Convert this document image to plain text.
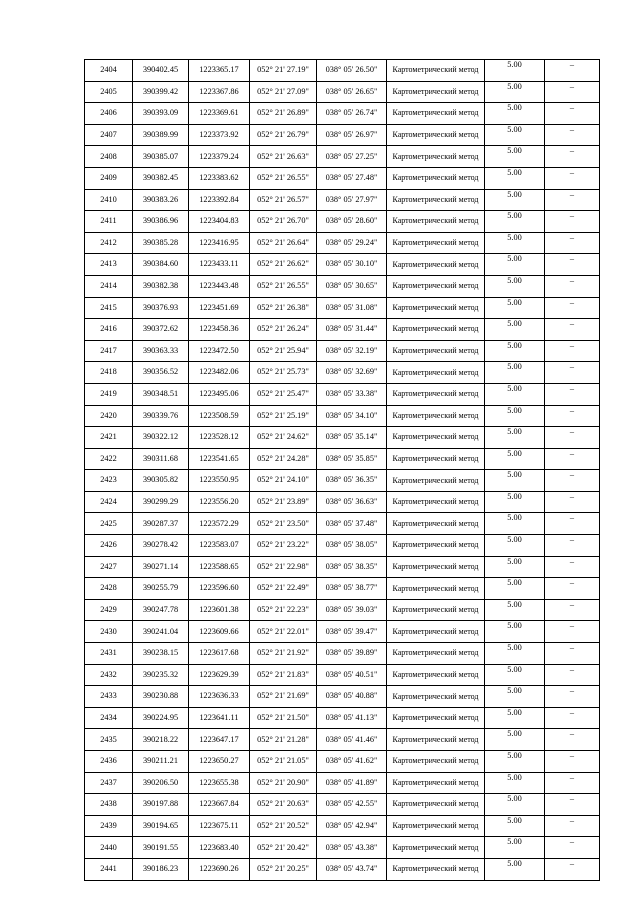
2404	390402.45	1223365.17	052° 21' 27.19"	038° 05' 26.50"	Картометрический метод	5.00	–
2405	390399.42	1223367.86	052° 21' 27.09"	038° 05' 26.65"	Картометрический метод	5.00	–
2406	390393.09	1223369.61	052° 21' 26.89"	038° 05' 26.74"	Картометрический метод	5.00	–
2407	390389.99	1223373.92	052° 21' 26.79"	038° 05' 26.97"	Картометрический метод	5.00	–
2408	390385.07	1223379.24	052° 21' 26.63"	038° 05' 27.25"	Картометрический метод	5.00	–
2409	390382.45	1223383.62	052° 21' 26.55"	038° 05' 27.48"	Картометрический метод	5.00	–
2410	390383.26	1223392.84	052° 21' 26.57"	038° 05' 27.97"	Картометрический метод	5.00	–
2411	390386.96	1223404.83	052° 21' 26.70"	038° 05' 28.60"	Картометрический метод	5.00	–
2412	390385.28	1223416.95	052° 21' 26.64"	038° 05' 29.24"	Картометрический метод	5.00	–
2413	390384.60	1223433.11	052° 21' 26.62"	038° 05' 30.10"	Картометрический метод	5.00	–
2414	390382.38	1223443.48	052° 21' 26.55"	038° 05' 30.65"	Картометрический метод	5.00	–
2415	390376.93	1223451.69	052° 21' 26.38"	038° 05' 31.08"	Картометрический метод	5.00	–
2416	390372.62	1223458.36	052° 21' 26.24"	038° 05' 31.44"	Картометрический метод	5.00	–
2417	390363.33	1223472.50	052° 21' 25.94"	038° 05' 32.19"	Картометрический метод	5.00	–
2418	390356.52	1223482.06	052° 21' 25.73"	038° 05' 32.69"	Картометрический метод	5.00	–
2419	390348.51	1223495.06	052° 21' 25.47"	038° 05' 33.38"	Картометрический метод	5.00	–
2420	390339.76	1223508.59	052° 21' 25.19"	038° 05' 34.10"	Картометрический метод	5.00	–
2421	390322.12	1223528.12	052° 21' 24.62"	038° 05' 35.14"	Картометрический метод	5.00	–
2422	390311.68	1223541.65	052° 21' 24.28"	038° 05' 35.85"	Картометрический метод	5.00	–
2423	390305.82	1223550.95	052° 21' 24.10"	038° 05' 36.35"	Картометрический метод	5.00	–
2424	390299.29	1223556.20	052° 21' 23.89"	038° 05' 36.63"	Картометрический метод	5.00	–
2425	390287.37	1223572.29	052° 21' 23.50"	038° 05' 37.48"	Картометрический метод	5.00	–
2426	390278.42	1223583.07	052° 21' 23.22"	038° 05' 38.05"	Картометрический метод	5.00	–
2427	390271.14	1223588.65	052° 21' 22.98"	038° 05' 38.35"	Картометрический метод	5.00	–
2428	390255.79	1223596.60	052° 21' 22.49"	038° 05' 38.77"	Картометрический метод	5.00	–
2429	390247.78	1223601.38	052° 21' 22.23"	038° 05' 39.03"	Картометрический метод	5.00	–
2430	390241.04	1223609.66	052° 21' 22.01"	038° 05' 39.47"	Картометрический метод	5.00	–
2431	390238.15	1223617.68	052° 21' 21.92"	038° 05' 39.89"	Картометрический метод	5.00	–
2432	390235.32	1223629.39	052° 21' 21.83"	038° 05' 40.51"	Картометрический метод	5.00	–
2433	390230.88	1223636.33	052° 21' 21.69"	038° 05' 40.88"	Картометрический метод	5.00	–
2434	390224.95	1223641.11	052° 21' 21.50"	038° 05' 41.13"	Картометрический метод	5.00	–
2435	390218.22	1223647.17	052° 21' 21.28"	038° 05' 41.46"	Картометрический метод	5.00	–
2436	390211.21	1223650.27	052° 21' 21.05"	038° 05' 41.62"	Картометрический метод	5.00	–
2437	390206.50	1223655.38	052° 21' 20.90"	038° 05' 41.89"	Картометрический метод	5.00	–
2438	390197.88	1223667.84	052° 21' 20.63"	038° 05' 42.55"	Картометрический метод	5.00	–
2439	390194.65	1223675.11	052° 21' 20.52"	038° 05' 42.94"	Картометрический метод	5.00	–
2440	390191.55	1223683.40	052° 21' 20.42"	038° 05' 43.38"	Картометрический метод	5.00	–
2441	390186.23	1223690.26	052° 21' 20.25"	038° 05' 43.74"	Картометрический метод	5.00	–
